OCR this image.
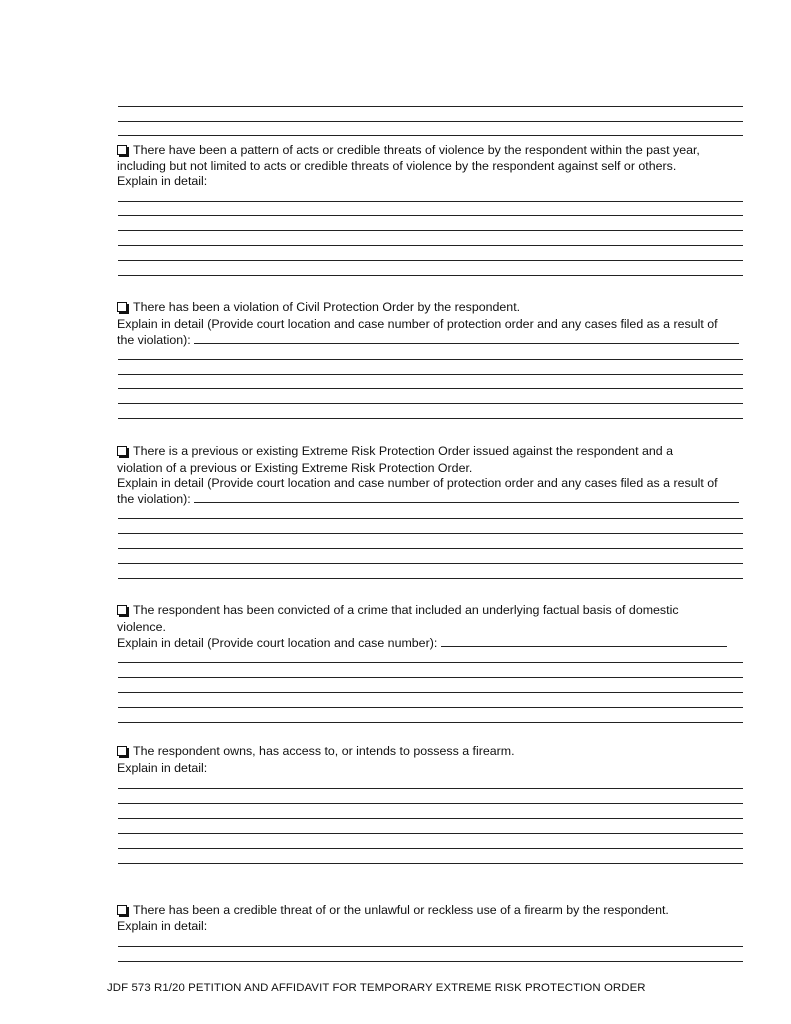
There have been a pattern of acts or credible threats of violence by the respondent within the past year,
including but not limited to acts or credible threats of violence by the respondent against self or others.
Explain in detail:
There has been a violation of Civil Protection Order by the respondent.
Explain in detail (Provide court location and case number of protection order and any cases filed as a result of
the violation):
There is a previous or existing Extreme Risk Protection Order issued against the respondent and a
violation of a previous or Existing Extreme Risk Protection Order.
Explain in detail (Provide court location and case number of protection order and any cases filed as a result of
the violation):
The respondent has been convicted of a crime that included an underlying factual basis of domestic
violence.
Explain in detail (Provide court location and case number):
The respondent owns, has access to, or intends to possess a firearm.
Explain in detail:
There has been a credible threat of or the unlawful or reckless use of a firearm by the respondent.
Explain in detail:
JDF 573 R1/20 PETITION AND AFFIDAVIT FOR TEMPORARY EXTREME RISK PROTECTION ORDER
